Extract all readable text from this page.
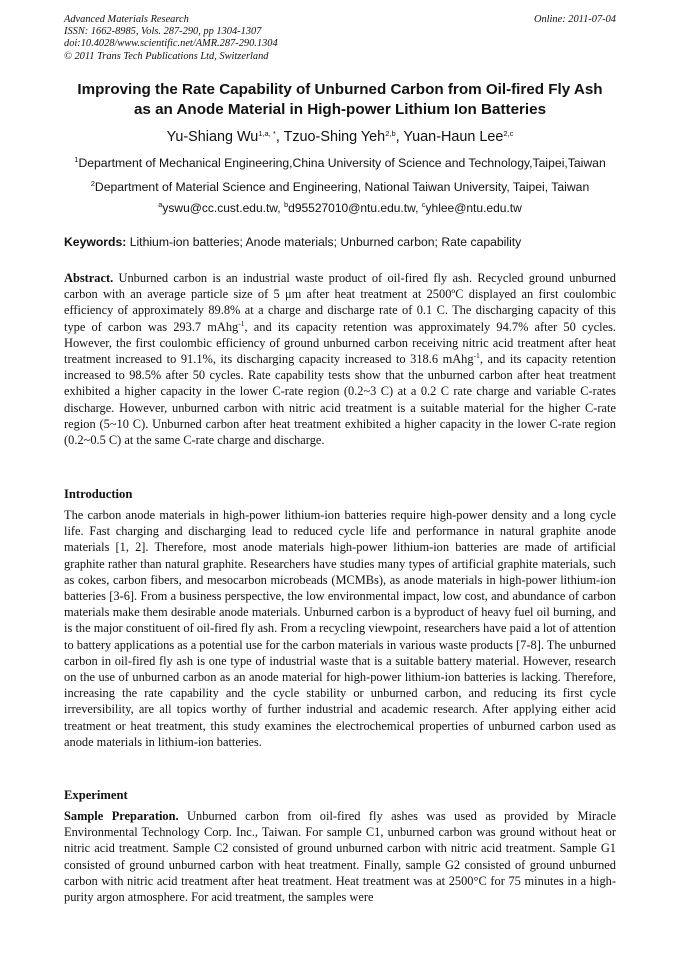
Advanced Materials Research
ISSN: 1662-8985, Vols. 287-290, pp 1304-1307
doi:10.4028/www.scientific.net/AMR.287-290.1304
© 2011 Trans Tech Publications Ltd, Switzerland
Online: 2011-07-04
Improving the Rate Capability of Unburned Carbon from Oil-fired Fly Ash
as an Anode Material in High-power Lithium Ion Batteries
Yu-Shiang $Wu^{1,a, *}$, Tzuo-Shing Yeh$^{2,b}$, Yuan-Haun Lee$^{2,c}$
$^1$Department of Mechanical Engineering,China University of Science and Technology,Taipei,Taiwan
$^2$Department of Material Science and Engineering, National Taiwan University, Taipei, Taiwan
$^a$yswu@cc.cust.edu.tw, $^b$d95527010@ntu.edu.tw, $^c$yhlee@ntu.edu.tw
Keywords: Lithium-ion batteries; Anode materials; Unburned carbon; Rate capability
Abstract. Unburned carbon is an industrial waste product of oil-fired fly ash. Recycled ground unburned carbon with an average particle size of 5 μm after heat treatment at 2500ºC displayed an first coulombic efficiency of approximately 89.8% at a charge and discharge rate of 0.1 C. The discharging capacity of this type of carbon was 293.7 mAhg$^{-1}$, and its capacity retention was approximately 94.7% after 50 cycles. However, the first coulombic efficiency of ground unburned carbon receiving nitric acid treatment after heat treatment increased to 91.1%, its discharging capacity increased to 318.6 mAhg$^{-1}$, and its capacity retention increased to 98.5% after 50 cycles. Rate capability tests show that the unburned carbon after heat treatment exhibited a higher capacity in the lower C-rate region (0.2~3 C) at a 0.2 C rate charge and variable C-rates discharge. However, unburned carbon with nitric acid treatment is a suitable material for the higher C-rate region (5~10 C). Unburned carbon after heat treatment exhibited a higher capacity in the lower C-rate region (0.2~0.5 C) at the same C-rate charge and discharge.
Introduction
The carbon anode materials in high-power lithium-ion batteries require high-power density and a long cycle life. Fast charging and discharging lead to reduced cycle life and performance in natural graphite anode materials [1, 2]. Therefore, most anode materials high-power lithium-ion batteries are made of artificial graphite rather than natural graphite. Researchers have studies many types of artificial graphite materials, such as cokes, carbon fibers, and mesocarbon microbeads (MCMBs), as anode materials in high-power lithium-ion batteries [3-6]. From a business perspective, the low environmental impact, low cost, and abundance of carbon materials make them desirable anode materials. Unburned carbon is a byproduct of heavy fuel oil burning, and is the major constituent of oil-fired fly ash. From a recycling viewpoint, researchers have paid a lot of attention to battery applications as a potential use for the carbon materials in various waste products [7-8]. The unburned carbon in oil-fired fly ash is one type of industrial waste that is a suitable battery material. However, research on the use of unburned carbon as an anode material for high-power lithium-ion batteries is lacking. Therefore, increasing the rate capability and the cycle stability or unburned carbon, and reducing its first cycle irreversibility, are all topics worthy of further industrial and academic research. After applying either acid treatment or heat treatment, this study examines the electrochemical properties of unburned carbon used as anode materials in lithium-ion batteries.
Experiment
Sample Preparation. Unburned carbon from oil-fired fly ashes was used as provided by Miracle Environmental Technology Corp. Inc., Taiwan. For sample C1, unburned carbon was ground without heat or nitric acid treatment. Sample C2 consisted of ground unburned carbon with nitric acid treatment. Sample G1 consisted of ground unburned carbon with heat treatment. Finally, sample G2 consisted of ground unburned carbon with nitric acid treatment after heat treatment. Heat treatment was at 2500°C for 75 minutes in a high-purity argon atmosphere. For acid treatment, the samples were
